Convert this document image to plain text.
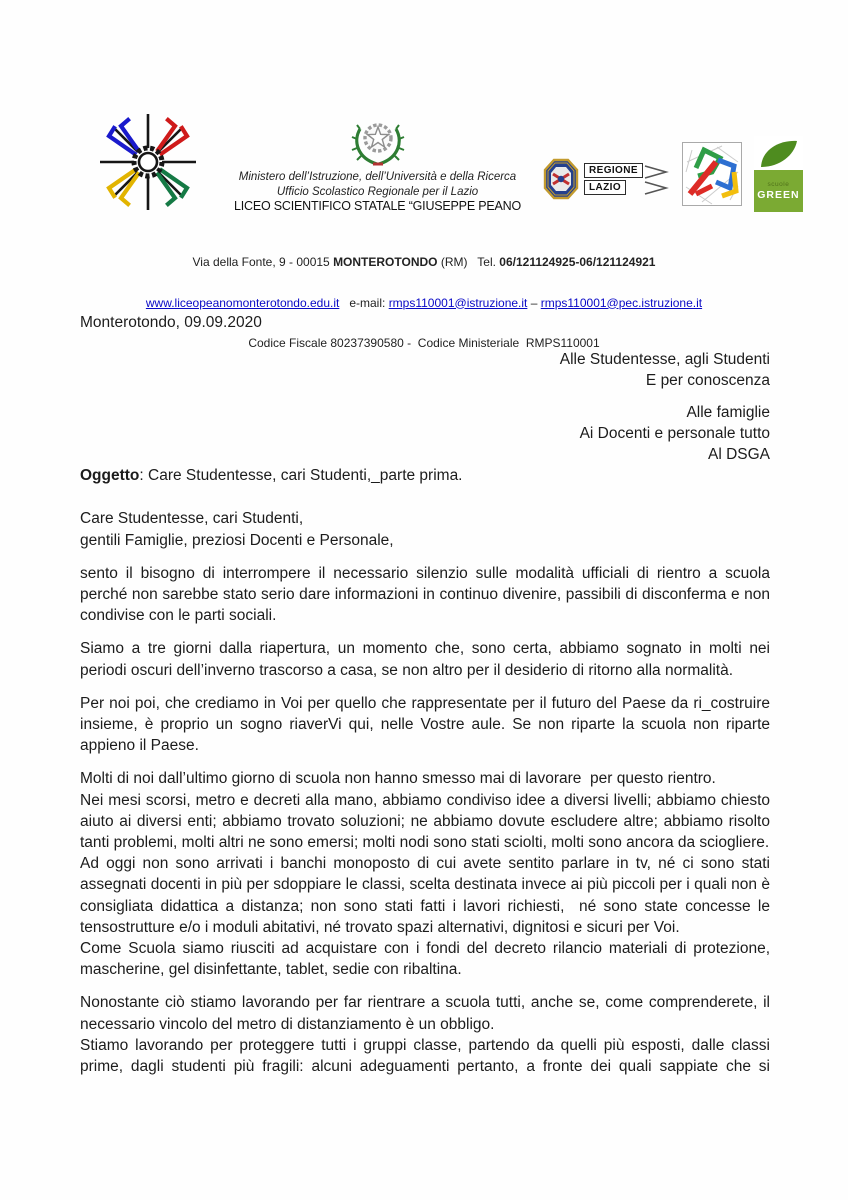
Ministero dell’Istruzione, dell’Università e della Ricerca

Ufficio Scolastico Regionale per il Lazio

LICEO SCIENTIFICO STATALE “GIUSEPPE PEANO

REGIONE
LAZIO	scuole
GREEN

Via della Fonte, 9 - 00015 MONTEROTONDO (RM)   Tel. 06/121124925-06/121124921

www.liceopeanomonterotondo.edu.it   e-mail: rmps110001@istruzione.it – rmps110001@pec.istruzione.it

Codice Fiscale 80237390580 -  Codice Ministeriale  RMPS110001

Monterotondo, 09.09.2020

Alle Studentesse, agli Studenti

E per conoscenza

Alle famiglie

Ai Docenti e personale tutto

Al DSGA

Oggetto: Care Studentesse, cari Studenti,_parte prima.

Care Studentesse, cari Studenti,

gentili Famiglie, preziosi Docenti e Personale,

sento il bisogno di interrompere il necessario silenzio sulle modalità ufficiali di rientro a scuola perché non sarebbe stato serio dare informazioni in continuo divenire, passibili di disconferma e non condivise con le parti sociali.

Siamo a tre giorni dalla riapertura, un momento che, sono certa, abbiamo sognato in molti nei periodi oscuri dell’inverno trascorso a casa, se non altro per il desiderio di ritorno alla normalità.

Per noi poi, che crediamo in Voi per quello che rappresentate per il futuro del Paese da ri_costruire insieme, è proprio un sogno riaverVi qui, nelle Vostre aule. Se non riparte la scuola non riparte appieno il Paese.

Molti di noi dall’ultimo giorno di scuola non hanno smesso mai di lavorare  per questo rientro.

Nei mesi scorsi, metro e decreti alla mano, abbiamo condiviso idee a diversi livelli; abbiamo chiesto aiuto ai diversi enti; abbiamo trovato soluzioni; ne abbiamo dovute escludere altre; abbiamo risolto tanti problemi, molti altri ne sono emersi; molti nodi sono stati sciolti, molti sono ancora da sciogliere.

Ad oggi non sono arrivati i banchi monoposto di cui avete sentito parlare in tv, né ci sono stati assegnati docenti in più per sdoppiare le classi, scelta destinata invece ai più piccoli per i quali non è consigliata didattica a distanza; non sono stati fatti i lavori richiesti,  né sono state concesse le tensostrutture e/o i moduli abitativi, né trovato spazi alternativi, dignitosi e sicuri per Voi.

Come Scuola siamo riusciti ad acquistare con i fondi del decreto rilancio materiali di protezione, mascherine, gel disinfettante, tablet, sedie con ribaltina.

Nonostante ciò stiamo lavorando per far rientrare a scuola tutti, anche se, come comprenderete, il necessario vincolo del metro di distanziamento è un obbligo.

Stiamo lavorando per proteggere tutti i gruppi classe, partendo da quelli più esposti, dalle classi prime, dagli studenti più fragili: alcuni adeguamenti pertanto, a fronte dei quali sappiate che si
